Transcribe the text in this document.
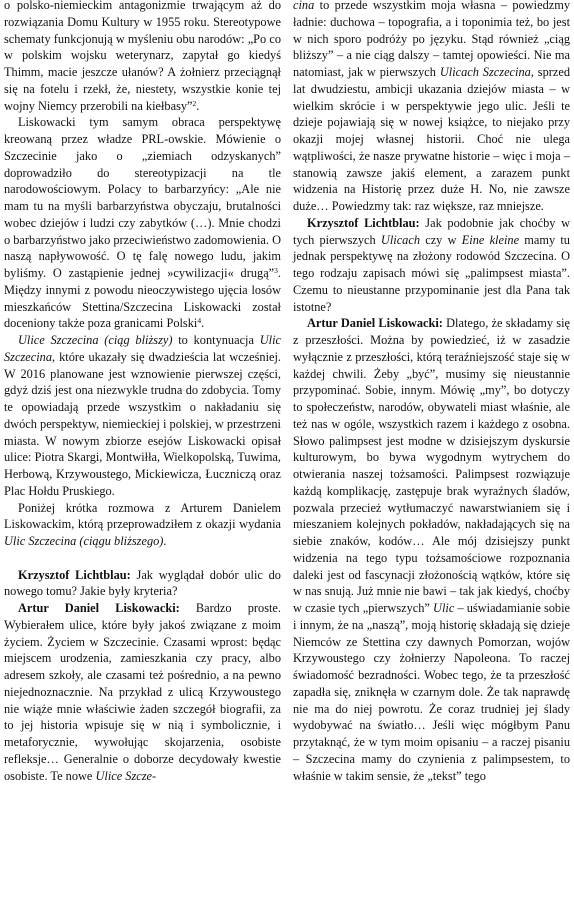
o polsko-niemieckim antagonizmie trwającym aż do rozwiązania Domu Kultury w 1955 roku. Stereotypowe schematy funkcjonują w myśleniu obu narodów: „Po co w polskim wojsku weterynarz, zapytał go kiedyś Thimm, macie jeszcze ułanów? A żołnierz przeciągnął się na fotelu i rzekł, że, niestety, wszystkie konie tej wojny Niemcy przerobili na kiełbasy”$^2$.

Liskowacki tym samym obraca perspektywę kreowaną przez władze PRL-owskie. Mówienie o Szczecinie jako o „ziemiach odzyskanych” doprowadziło do stereotypizacji na tle narodowościowym. Polacy to barbarzyńcy: „Ale nie mam tu na myśli barbarzyństwa obyczaju, brutalności wobec dziejów i ludzi czy zabytków (…). Mnie chodzi o barbarzyństwo jako przeciwieństwo zadomowienia. O naszą napływowość. O tę falę nowego ludu, jakim byliśmy. O zastąpienie jednej »cywilizacji« drugą”$^3$. Między innymi z powodu nieoczywistego ujęcia losów mieszkańców Stettina/Szczecina Liskowacki został doceniony także poza granicami Polski$^4$.

Ulice Szczecina (ciąg bliższy) to kontynuacja Ulic Szczecina, które ukazały się dwadzieścia lat wcześniej. W 2016 planowane jest wznowienie pierwszej części, gdyż dziś jest ona niezwykle trudna do zdobycia. Tomy te opowiadają przede wszystkim o nakładaniu się dwóch perspektyw, niemieckiej i polskiej, w przestrzeni miasta. W nowym zbiorze esejów Liskowacki opisał ulice: Piotra Skargi, Montwiłła, Wielkopolską, Tuwima, Herbową, Krzywoustego, Mickiewicza, Łuczniczą oraz Plac Hołdu Pruskiego.

Poniżej krótka rozmowa z Arturem Danielem Liskowackim, którą przeprowadziłem z okazji wydania Ulic Szczecina (ciągu bliższego).

Krzysztof Lichtblau: Jak wyglądał dobór ulic do nowego tomu? Jakie były kryteria?

Artur Daniel Liskowacki: Bardzo proste. Wybierałem ulice, które były jakoś związane z moim życiem. Życiem w Szczecinie. Czasami wprost: będąc miejscem urodzenia, zamieszkania czy pracy, albo adresem szkoły, ale czasami też pośrednio, a na pewno niejednoznacznie. Na przykład z ulicą Krzywoustego nie wiąże mnie właściwie żaden szczegół biografii, za to jej historia wpisuje się w nią i symbolicznie, i metaforycznie, wywołując skojarzenia, osobiste refleksje… Generalnie o doborze decydowały kwestie osobiste. Te nowe Ulice Szcze-

cina to przede wszystkim moja własna – powiedzmy ładnie: duchowa – topografia, a i toponimia też, bo jest w nich sporo podróży po języku. Stąd również „ciąg bliższy” – a nie ciąg dalszy – tamtej opowieści. Nie ma natomiast, jak w pierwszych Ulicach Szczecina, sprzed lat dwudziestu, ambicji ukazania dziejów miasta – w wielkim skrócie i w perspektywie jego ulic. Jeśli te dzieje pojawiają się w nowej książce, to niejako przy okazji mojej własnej historii. Choć nie ulega wątpliwości, że nasze prywatne historie – więc i moja – stanowią zawsze jakiś element, a zarazem punkt widzenia na Historię przez duże H. No, nie zawsze duże… Powiedzmy tak: raz większe, raz mniejsze.

Krzysztof Lichtblau: Jak podobnie jak choćby w tych pierwszych Ulicach czy w Eine kleine mamy tu jednak perspektywę na złożony rodowód Szczecina. O tego rodzaju zapisach mówi się „palimpsest miasta”. Czemu to nieustanne przypominanie jest dla Pana tak istotne?

Artur Daniel Liskowacki: Dlatego, że składamy się z przeszłości. Można by powiedzieć, iż w zasadzie wyłącznie z przeszłości, którą teraźniejszość staje się w każdej chwili. Żeby „być”, musimy się nieustannie przypominać. Sobie, innym. Mówię „my”, bo dotyczy to społeczeństw, narodów, obywateli miast właśnie, ale też nas w ogóle, wszystkich razem i każdego z osobna. Słowo palimpsest jest modne w dzisiejszym dyskursie kulturowym, bo bywa wygodnym wytrychem do otwierania naszej tożsamości. Palimpsest rozwiązuje każdą komplikację, zastępuje brak wyraźnych śladów, pozwala przecież wytłumaczyć nawarstwianiem się i mieszaniem kolejnych pokładów, nakładających się na siebie znaków, kodów… Ale mój dzisiejszy punkt widzenia na tego typu tożsamościowe rozpoznania daleki jest od fascynacji złożonością wątków, które się w nas snują. Już mnie nie bawi – tak jak kiedyś, choćby w czasie tych „pierwszych” Ulic – uświadamianie sobie i innym, że na „naszą”, moją historię składają się dzieje Niemców ze Stettina czy dawnych Pomorzan, wojów Krzywoustego czy żołnierzy Napoleona. To raczej świadomość bezradności. Wobec tego, że ta przeszłość zapadła się, zniknęła w czarnym dole. Że tak naprawdę nie ma do niej powrotu. Że coraz trudniej jej ślady wydobywać na światło… Jeśli więc mógłbym Panu przytaknąć, że w tym moim opisaniu – a raczej pisaniu – Szczecina mamy do czynienia z palimpsestem, to właśnie w takim sensie, że „tekst” tego
